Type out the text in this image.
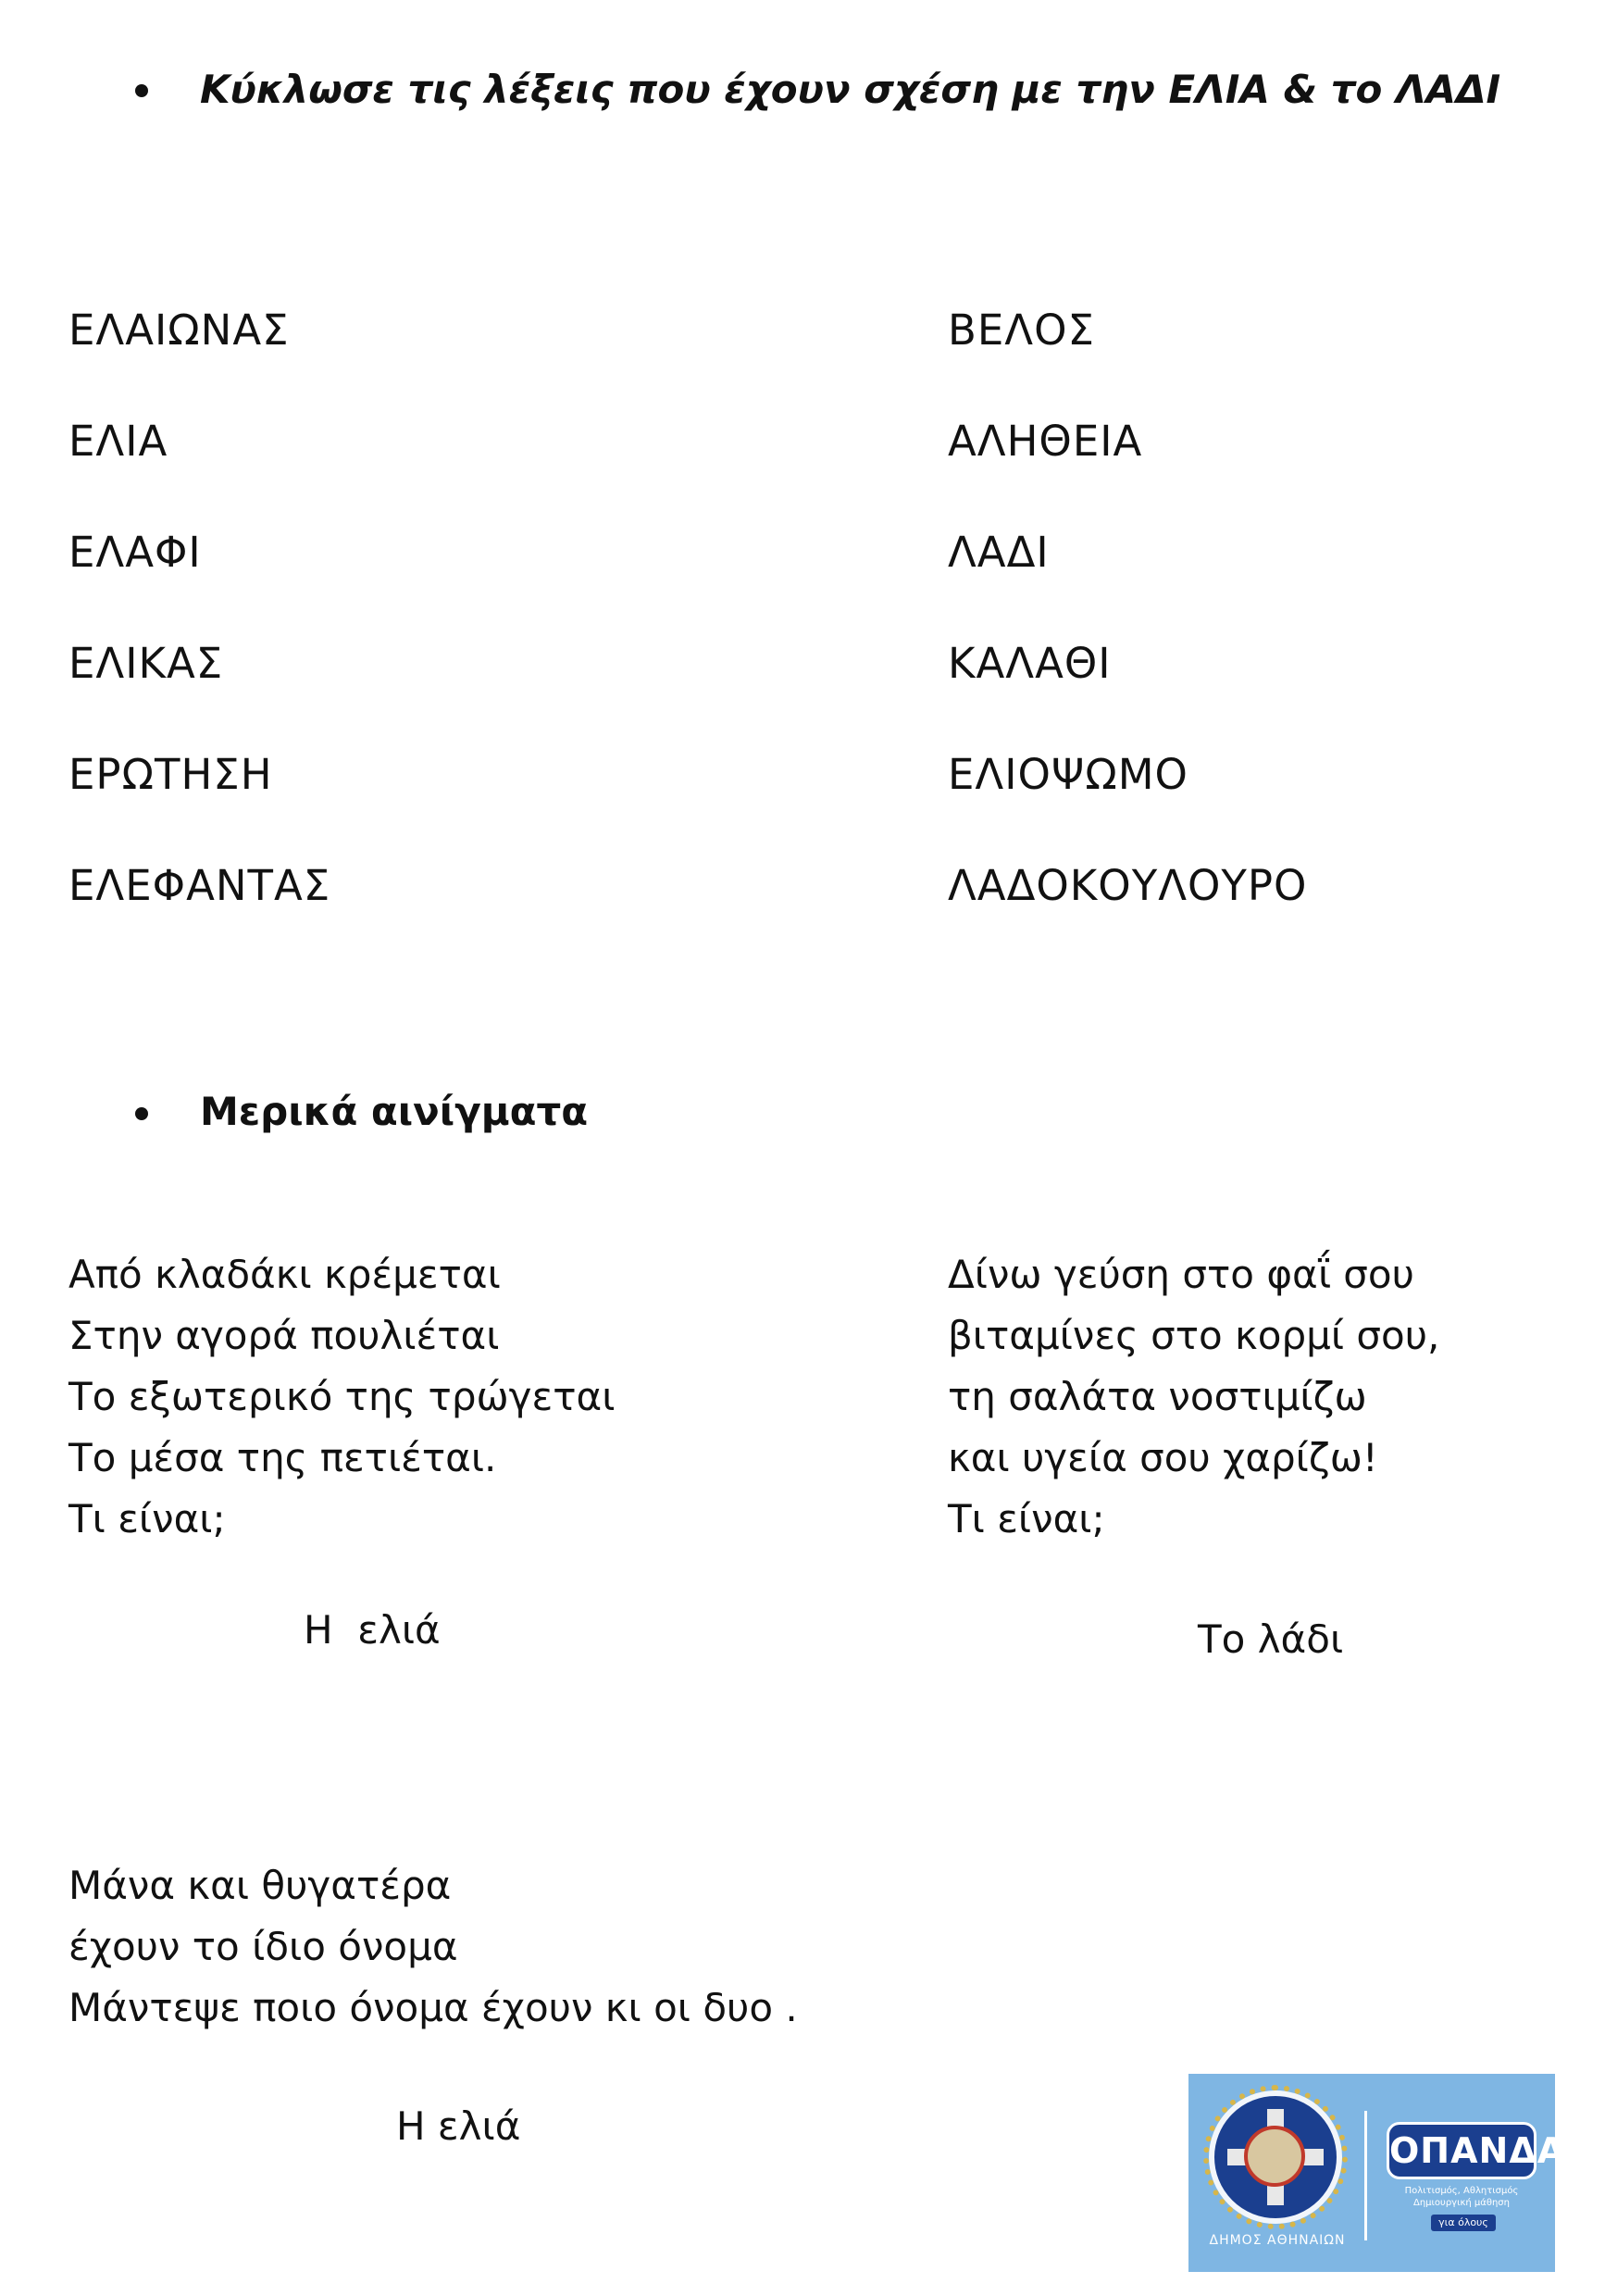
Κύκλωσε τις λέξεις που έχουν σχέση με την ΕΛΙΑ & το ΛΑΔΙ
ΕΛΑΙΩΝΑΣ
ΕΛΙΑ
ΕΛΑΦΙ
ΕΛΙΚΑΣ
ΕΡΩΤΗΣΗ
ΕΛΕΦΑΝΤΑΣ
ΒΕΛΟΣ
ΑΛΗΘΕΙΑ
ΛΑΔΙ
ΚΑΛΑΘΙ
ΕΛΙΟΨΩΜΟ
ΛΑΔΟΚΟΥΛΟΥΡΟ
Μερικά αινίγματα
Από κλαδάκι κρέμεται
Στην αγορά πουλιέται
Το εξωτερικό της τρώγεται
Το μέσα της πετιέται.
Τι είναι;
Η  ελιά
Δίνω γεύση στο φαΐ σου
βιταμίνες στο κορμί σου,
τη σαλάτα νοστιμίζω
και υγεία σου χαρίζω!
Τι είναι;
Το λάδι
Μάνα και θυγατέρα
έχουν το ίδιο όνομα
Μάντεψε ποιο όνομα έχουν κι οι δυο .
Η ελιά
ΔΗΜΟΣ ΑΘΗΝΑΙΩΝ
ΟΠΑΝΔΑ
Πολιτισμός, Αθλητισμός
Δημιουργική μάθηση
για όλους
